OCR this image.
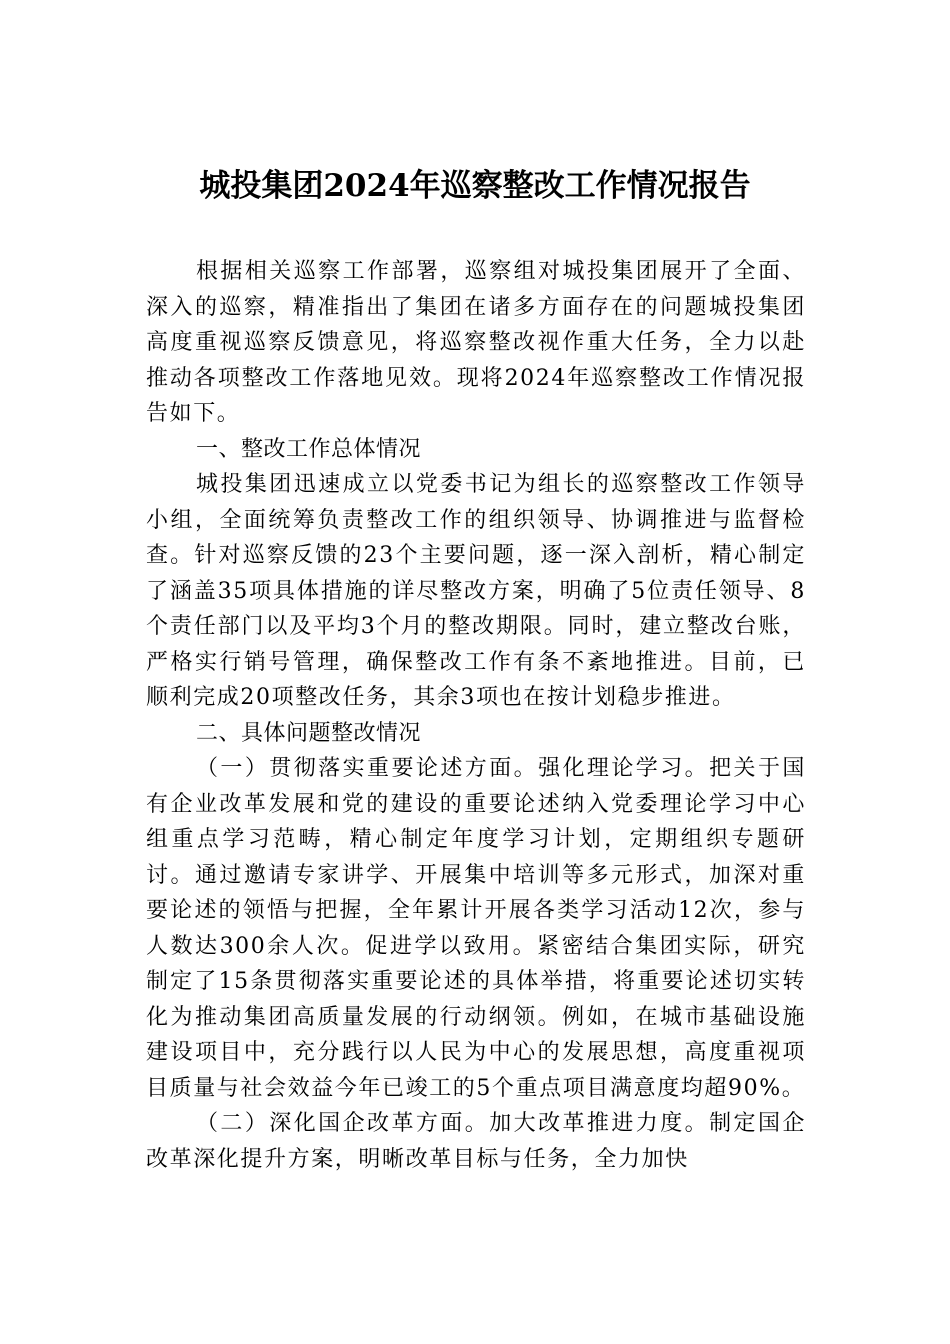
城投集团2024年巡察整改工作情况报告

根据相关巡察工作部署，巡察组对城投集团展开了全面、深入的巡察，精准指出了集团在诸多方面存在的问题城投集团高度重视巡察反馈意见，将巡察整改视作重大任务，全力以赴推动各项整改工作落地见效。现将2024年巡察整改工作情况报告如下。

一、整改工作总体情况

城投集团迅速成立以党委书记为组长的巡察整改工作领导小组，全面统筹负责整改工作的组织领导、协调推进与监督检查。针对巡察反馈的23个主要问题，逐一深入剖析，精心制定了涵盖35项具体措施的详尽整改方案，明确了5位责任领导、8个责任部门以及平均3个月的整改期限。同时，建立整改台账，严格实行销号管理，确保整改工作有条不紊地推进。目前，已顺利完成20项整改任务，其余3项也在按计划稳步推进。

二、具体问题整改情况

（一）贯彻落实重要论述方面。强化理论学习。把关于国有企业改革发展和党的建设的重要论述纳入党委理论学习中心组重点学习范畴，精心制定年度学习计划，定期组织专题研讨。通过邀请专家讲学、开展集中培训等多元形式，加深对重要论述的领悟与把握，全年累计开展各类学习活动12次，参与人数达300余人次。促进学以致用。紧密结合集团实际，研究制定了15条贯彻落实重要论述的具体举措，将重要论述切实转化为推动集团高质量发展的行动纲领。例如，在城市基础设施建设项目中，充分践行以人民为中心的发展思想，高度重视项目质量与社会效益今年已竣工的5个重点项目满意度均超90%。

（二）深化国企改革方面。加大改革推进力度。制定国企改革深化提升方案，明晰改革目标与任务，全力加快
